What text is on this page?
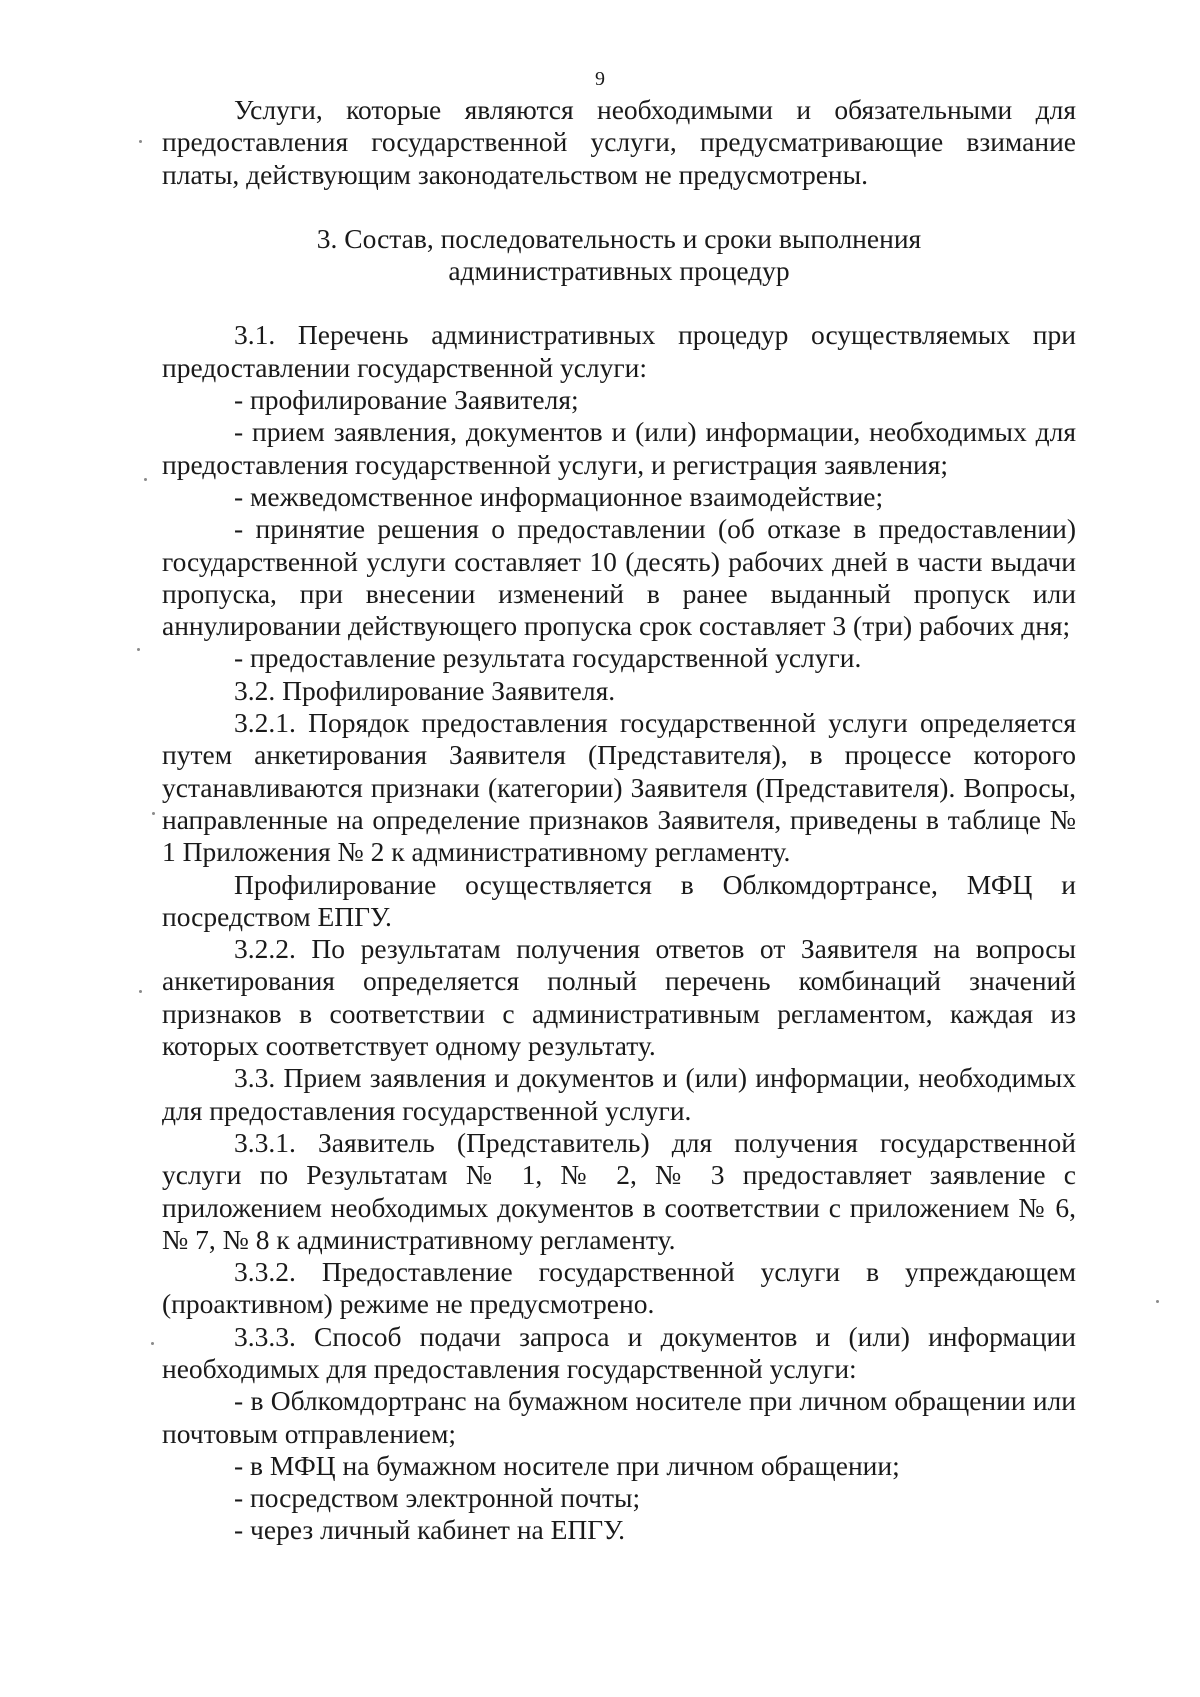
9

Услуги, которые являются необходимыми и обязательными для предоставления государственной услуги, предусматривающие взимание платы, действующим законодательством не предусмотрены.

3. Состав, последовательность и сроки выполнения
административных процедур

3.1. Перечень административных процедур осуществляемых при предоставлении государственной услуги:

- профилирование Заявителя;

- прием заявления, документов и (или) информации, необходимых для предоставления государственной услуги, и регистрация заявления;

- межведомственное информационное взаимодействие;

- принятие решения о предоставлении (об отказе в предоставлении) государственной услуги составляет 10 (десять) рабочих дней в части выдачи пропуска, при внесении изменений в ранее выданный пропуск или аннулировании действующего пропуска срок составляет 3 (три) рабочих дня;

- предоставление результата государственной услуги.

3.2. Профилирование Заявителя.

3.2.1. Порядок предоставления государственной услуги определяется путем анкетирования Заявителя (Представителя), в процессе которого устанавливаются признаки (категории) Заявителя (Представителя). Вопросы, направленные на определение признаков Заявителя, приведены в таблице № 1 Приложения № 2 к административному регламенту.

Профилирование осуществляется в Облкомдортрансе, МФЦ и посредством ЕПГУ.

3.2.2. По результатам получения ответов от Заявителя на вопросы анкетирования определяется полный перечень комбинаций значений признаков в соответствии с административным регламентом, каждая из которых соответствует одному результату.

3.3. Прием заявления и документов и (или) информации, необходимых для предоставления государственной услуги.

3.3.1. Заявитель (Представитель) для получения государственной услуги по Результатам № 1, № 2, № 3 предоставляет заявление с приложением необходимых документов в соответствии с приложением № 6, № 7, № 8 к административному регламенту.

3.3.2. Предоставление государственной услуги в упреждающем (проактивном) режиме не предусмотрено.

3.3.3. Способ подачи запроса и документов и (или) информации необходимых для предоставления государственной услуги:

- в Облкомдортранс на бумажном носителе при личном обращении или почтовым отправлением;

- в МФЦ на бумажном носителе при личном обращении;

- посредством электронной почты;

- через личный кабинет на ЕПГУ.
